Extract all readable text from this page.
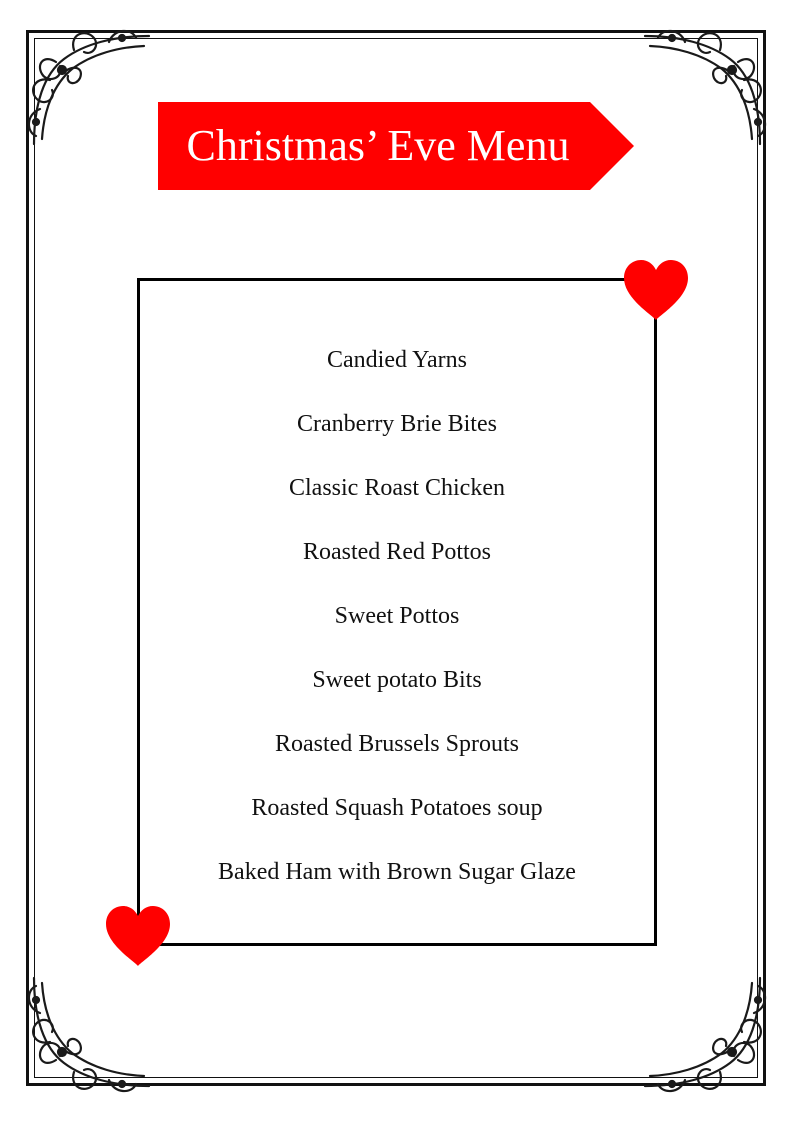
Christmas’ Eve Menu
Candied Yarns
Cranberry Brie Bites
Classic Roast Chicken
Roasted Red Pottos
Sweet Pottos
Sweet potato Bits
Roasted Brussels Sprouts
Roasted Squash Potatoes soup
Baked Ham with Brown Sugar Glaze
